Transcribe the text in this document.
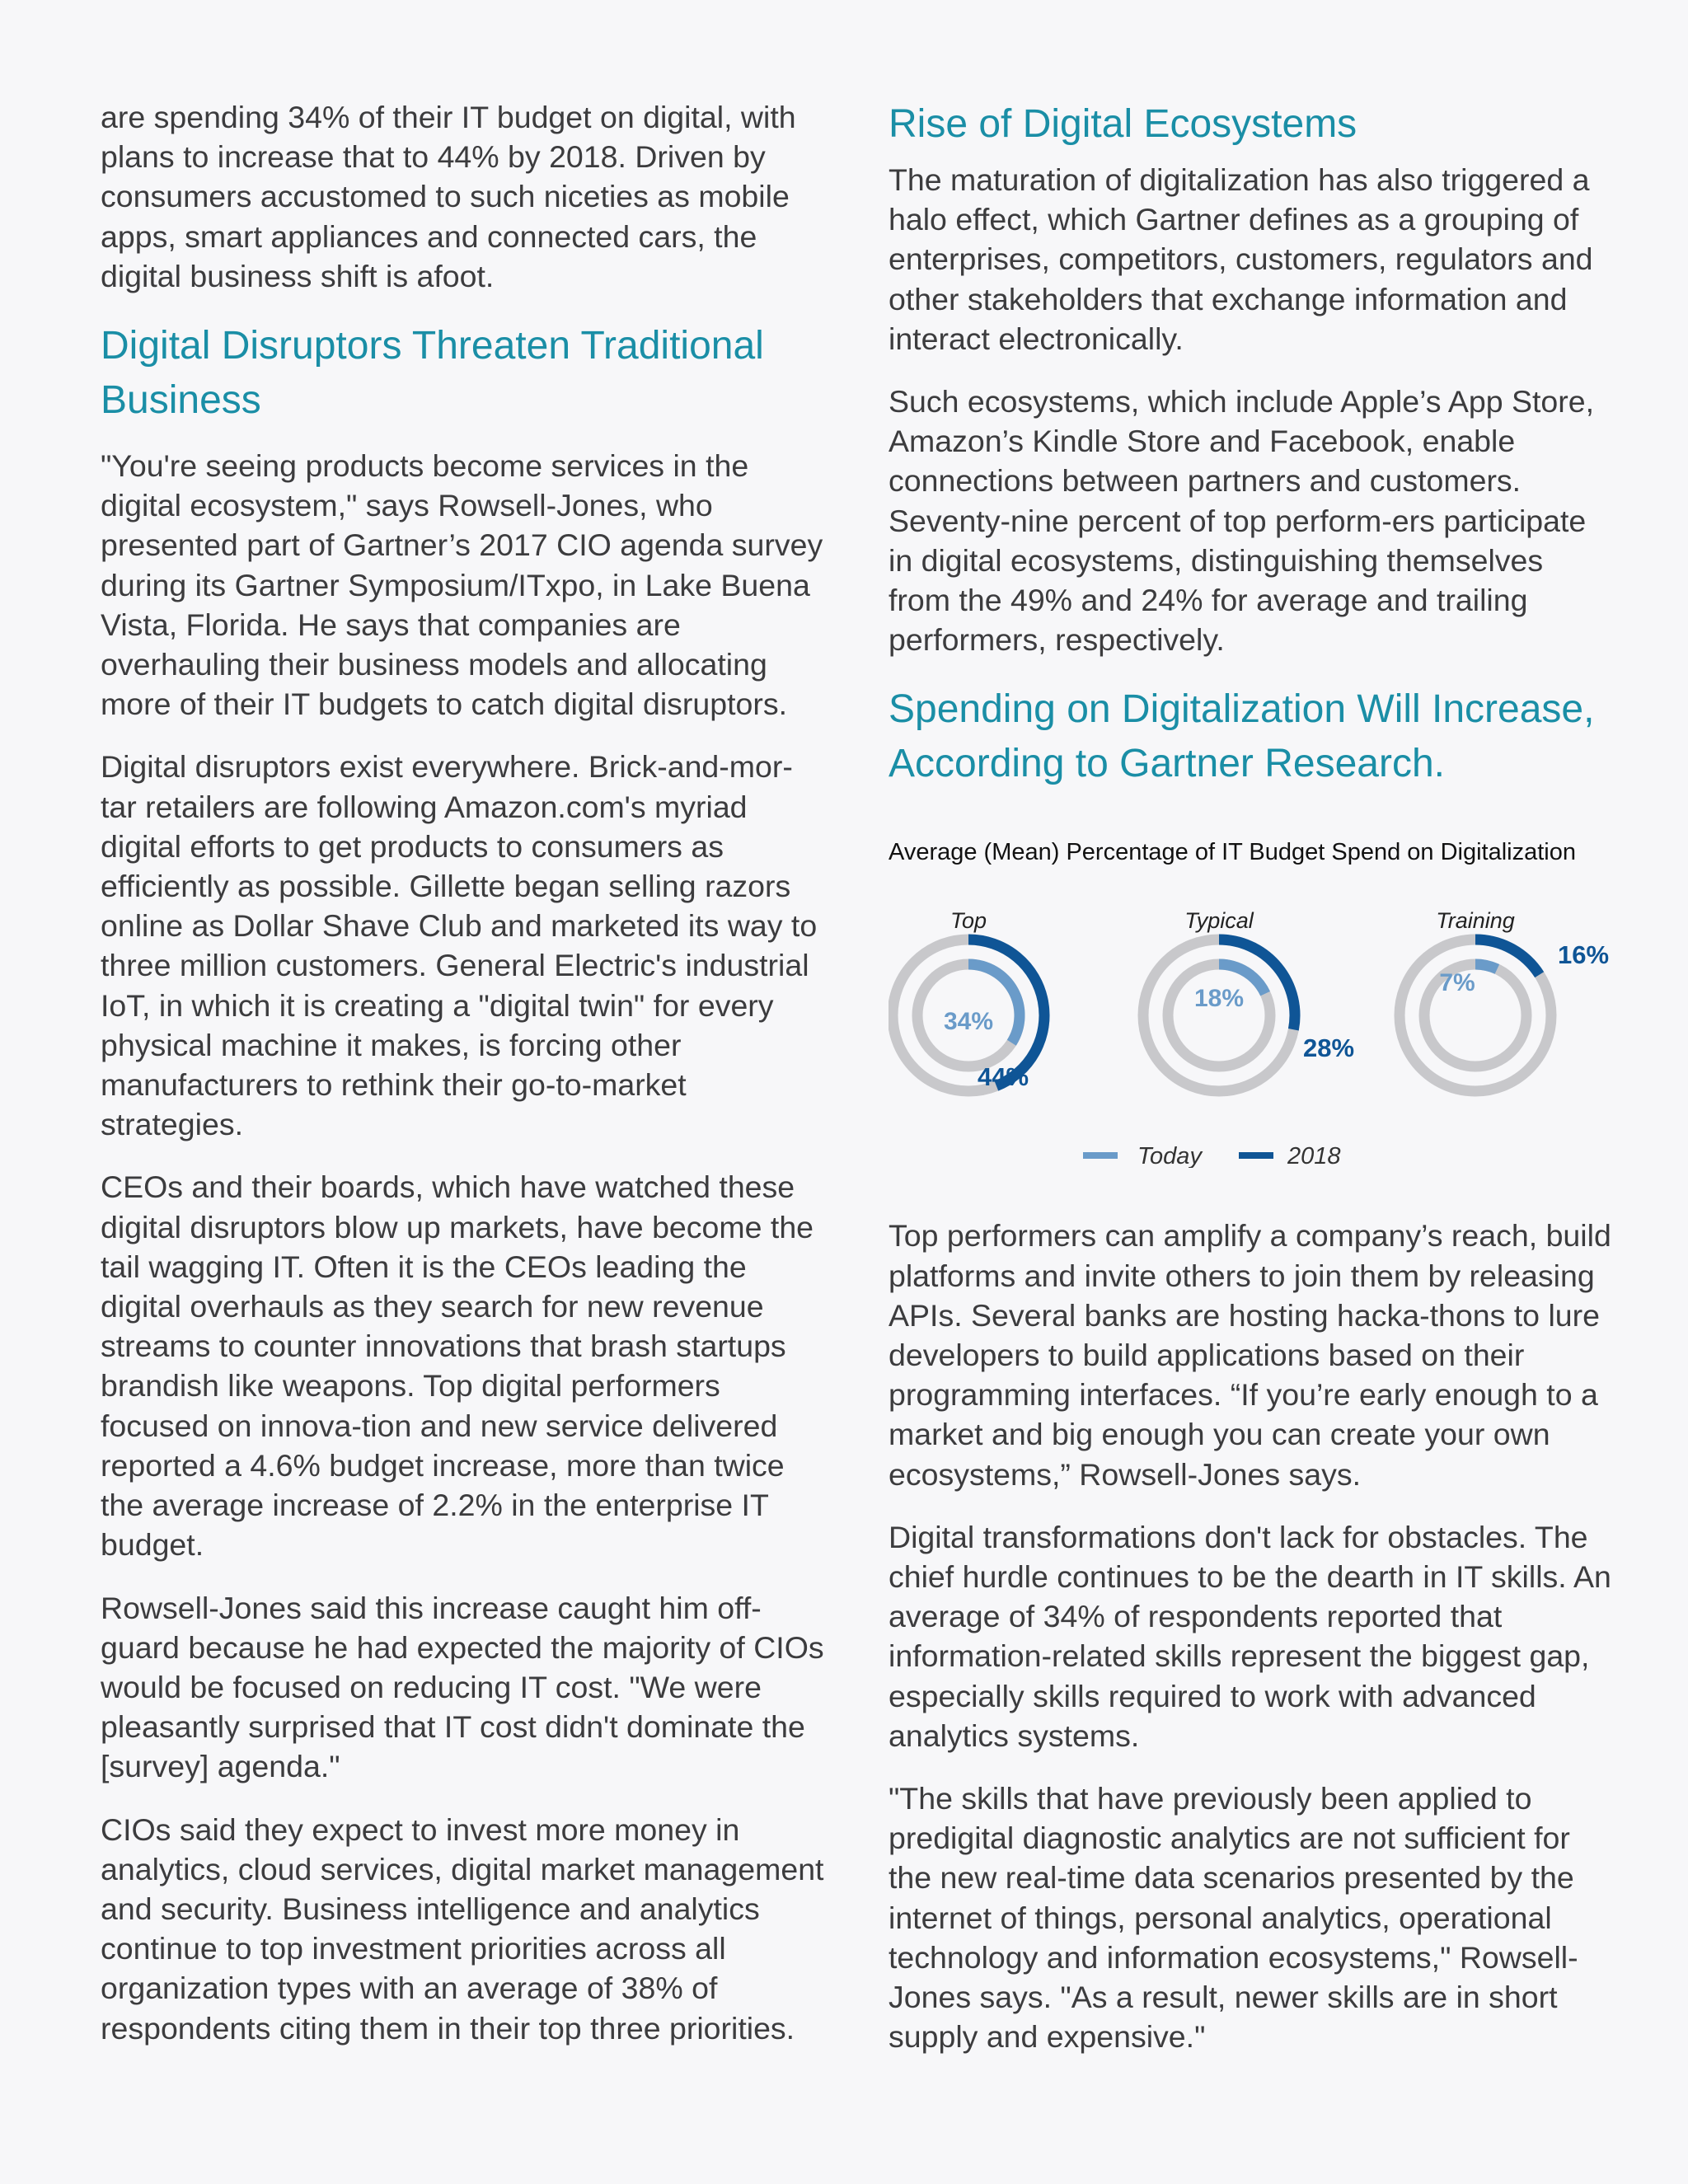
are spending 34% of their IT budget on digital, with plans to increase that to 44% by 2018. Driven by consumers accustomed to such niceties as mobile apps, smart appliances and connected cars, the digital business shift is afoot.

Digital Disruptors Threaten Traditional Business

"You're seeing products become services in the digital ecosystem," says Rowsell-Jones, who presented part of Gartner’s 2017 CIO agenda survey during its Gartner Symposium/ITxpo, in Lake Buena Vista, Florida. He says that companies are overhauling their business models and allocating more of their IT budgets to catch digital disruptors.

Digital disruptors exist everywhere. Brick-and-mor-tar retailers are following Amazon.com's myriad digital efforts to get products to consumers as efficiently as possible. Gillette began selling razors online as Dollar Shave Club and marketed its way to three million customers. General Electric's industrial IoT, in which it is creating a "digital twin" for every physical machine it makes, is forcing other manufacturers to rethink their go-to-market strategies.

CEOs and their boards, which have watched these digital disruptors blow up markets, have become the tail wagging IT. Often it is the CEOs leading the digital overhauls as they search for new revenue streams to counter innovations that brash startups brandish like weapons. Top digital performers focused on innova-tion and new service delivered reported a 4.6% budget increase, more than twice the average increase of 2.2% in the enterprise IT budget.

Rowsell-Jones said this increase caught him off-guard because he had expected the majority of CIOs would be focused on reducing IT cost. "We were pleasantly surprised that IT cost didn't dominate the [survey] agenda."

CIOs said they expect to invest more money in analytics, cloud services, digital market management and security. Business intelligence and analytics continue to top investment priorities across all organization types with an average of 38% of respondents citing them in their top three priorities.

Rise of Digital Ecosystems

The maturation of digitalization has also triggered a halo effect, which Gartner defines as a grouping of enterprises, competitors, customers, regulators and other stakeholders that exchange information and interact electronically.

Such ecosystems, which include Apple’s App Store, Amazon’s Kindle Store and Facebook, enable connections between partners and customers. Seventy-nine percent of top perform-ers participate in digital ecosystems, distinguishing themselves from the 49% and 24% for average and trailing performers, respectively.

Spending on Digitalization Will Increase, According to Gartner Research.
Average (Mean) Percentage of IT Budget Spend on Digitalization
Top	Typical	Training
34%
18%
7%
44%
28%
16%
Today	2018

Top performers can amplify a company’s reach, build platforms and invite others to join them by releasing APIs. Several banks are hosting hacka-thons to lure developers to build applications based on their programming interfaces. “If you’re early enough to a market and big enough you can create your own ecosystems,” Rowsell-Jones says.

Digital transformations don't lack for obstacles. The chief hurdle continues to be the dearth in IT skills. An average of 34% of respondents reported that information-related skills represent the biggest gap, especially skills required to work with advanced analytics systems.

"The skills that have previously been applied to predigital diagnostic analytics are not sufficient for the new real-time data scenarios presented by the internet of things, personal analytics, operational technology and information ecosystems," Rowsell-Jones says. "As a result, newer skills are in short supply and expensive."
